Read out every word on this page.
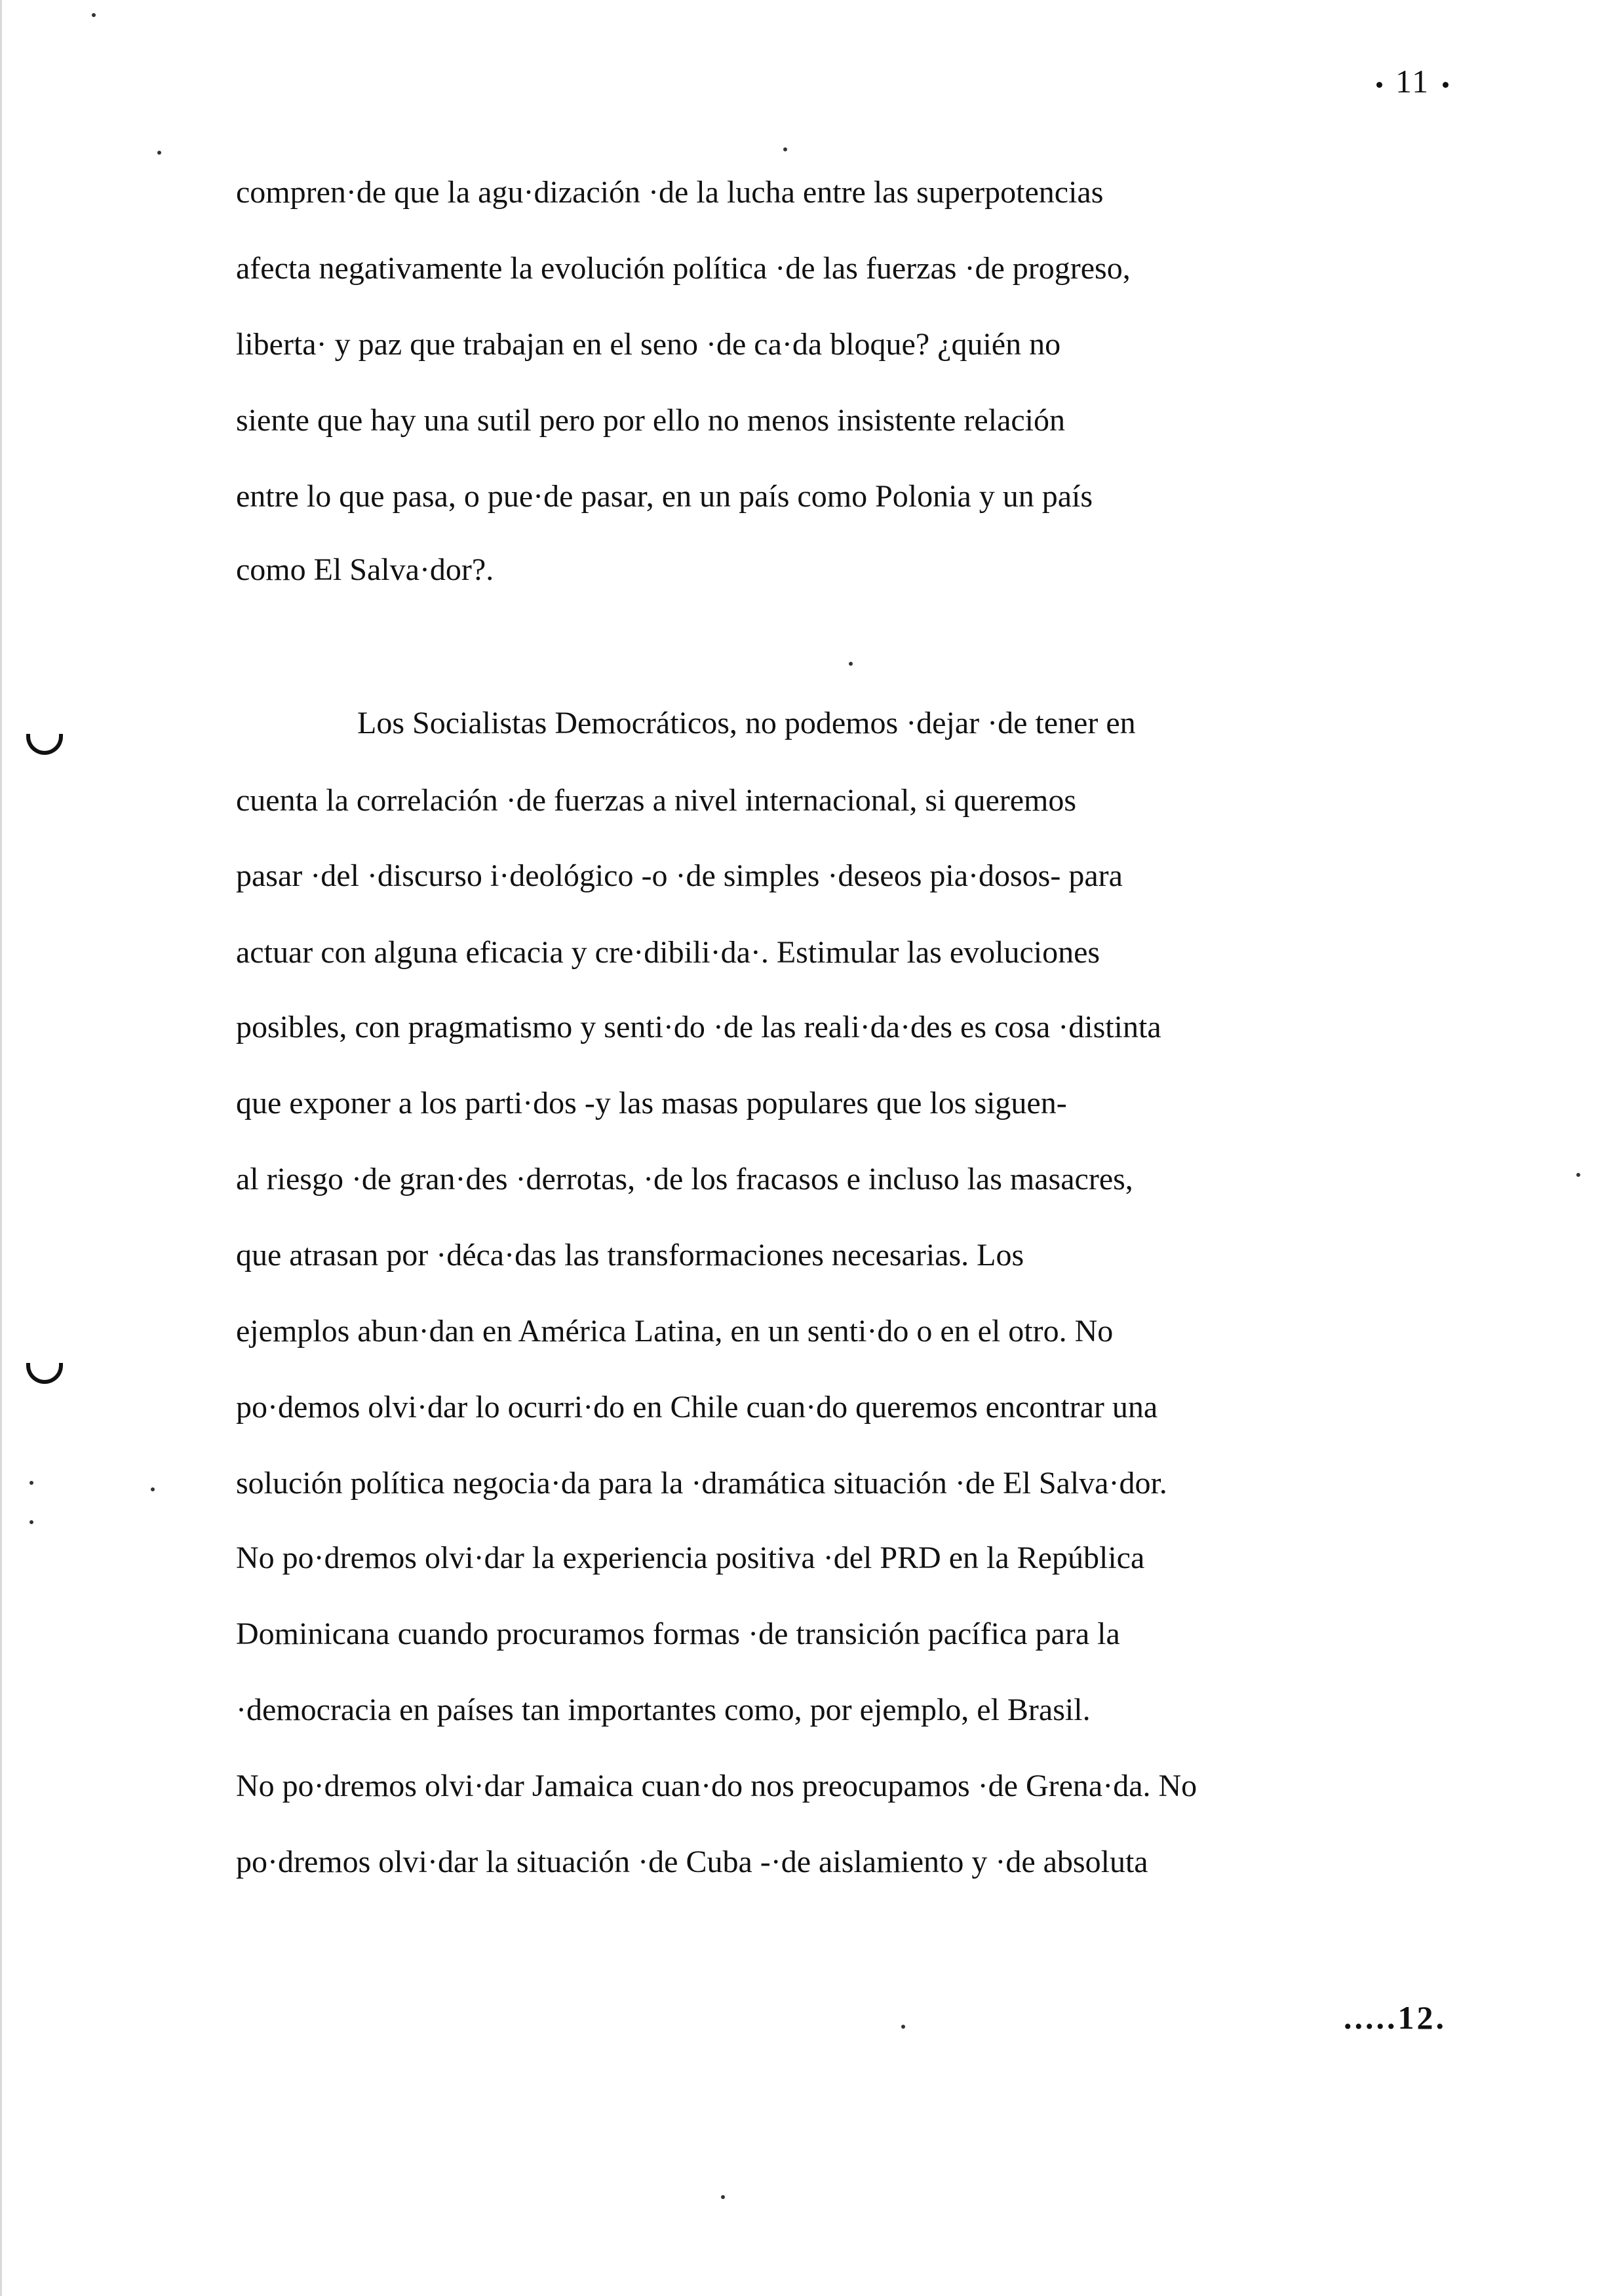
11
compren·de que la agu·dización ·de la lucha entre las superpotencias
afecta negativamente la evolución política ·de las fuerzas ·de progreso,
liberta· y paz que trabajan en el seno ·de ca·da bloque? ¿quién no
siente que hay una sutil pero por ello no menos insistente relación
entre lo que pasa, o pue·de pasar, en un país como Polonia y un país
como El Salva·dor?.
Los Socialistas Democráticos, no podemos ·dejar ·de tener en
cuenta la correlación ·de fuerzas a nivel internacional, si queremos
pasar ·del ·discurso i·deológico -o ·de simples ·deseos pia·dosos- para
actuar con alguna eficacia y cre·dibili·da·. Estimular las evoluciones
posibles, con pragmatismo y senti·do ·de las reali·da·des es cosa ·distinta
que exponer a los parti·dos -y las masas populares que los siguen-
al riesgo ·de gran·des ·derrotas, ·de los fracasos e incluso las masacres,
que atrasan por ·déca·das las transformaciones necesarias. Los
ejemplos abun·dan en América Latina, en un senti·do o en el otro. No
po·demos olvi·dar lo ocurri·do en Chile cuan·do queremos encontrar una
solución política negocia·da para la ·dramática situación ·de El Salva·dor.
No po·dremos olvi·dar la experiencia positiva ·del PRD en la República
Dominicana cuando procuramos formas ·de transición pacífica para la
·democracia en países tan importantes como, por ejemplo, el Brasil.
No po·dremos olvi·dar Jamaica cuan·do nos preocupamos ·de Grena·da. No
po·dremos olvi·dar la situación ·de Cuba -·de aislamiento y ·de absoluta
.....12.
